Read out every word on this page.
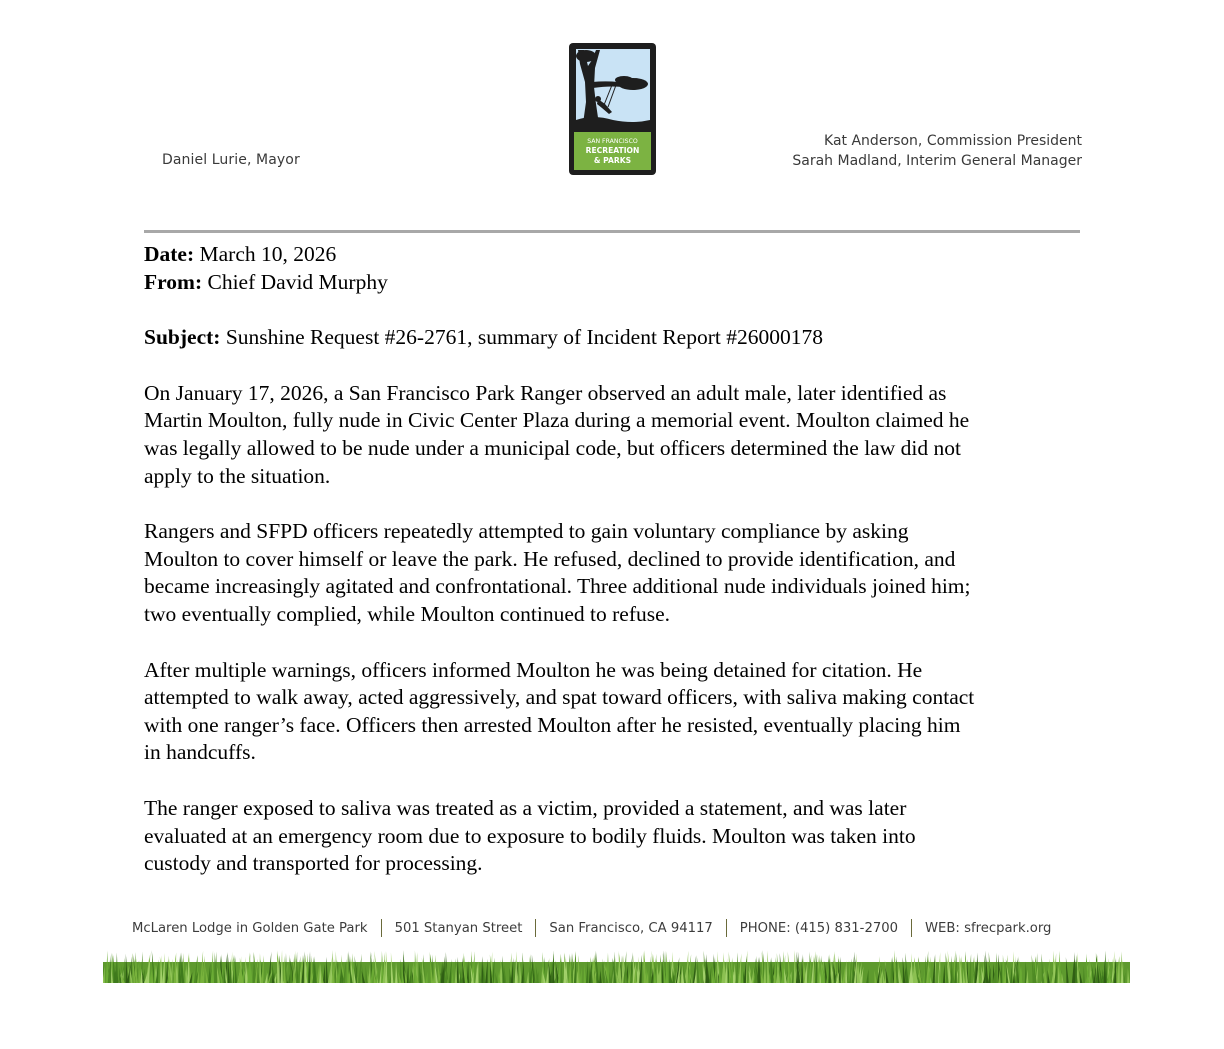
Daniel Lurie, Mayor
SAN FRANCISCO
RECREATION
& PARKS
Kat Anderson, Commission President
Sarah Madland, Interim General Manager
Date: March 10, 2026
From: Chief David Murphy
Subject: Sunshine Request #26-2761, summary of Incident Report #26000178
On January 17, 2026, a San Francisco Park Ranger observed an adult male, later identified as
Martin Moulton, fully nude in Civic Center Plaza during a memorial event. Moulton claimed he
was legally allowed to be nude under a municipal code, but officers determined the law did not
apply to the situation.
Rangers and SFPD officers repeatedly attempted to gain voluntary compliance by asking
Moulton to cover himself or leave the park. He refused, declined to provide identification, and
became increasingly agitated and confrontational. Three additional nude individuals joined him;
two eventually complied, while Moulton continued to refuse.
After multiple warnings, officers informed Moulton he was being detained for citation. He
attempted to walk away, acted aggressively, and spat toward officers, with saliva making contact
with one ranger’s face. Officers then arrested Moulton after he resisted, eventually placing him
in handcuffs.
The ranger exposed to saliva was treated as a victim, provided a statement, and was later
evaluated at an emergency room due to exposure to bodily fluids. Moulton was taken into
custody and transported for processing.
McLaren Lodge in Golden Gate Park 501 Stanyan Street San Francisco, CA 94117 PHONE: (415) 831-2700 WEB: sfrecpark.org
